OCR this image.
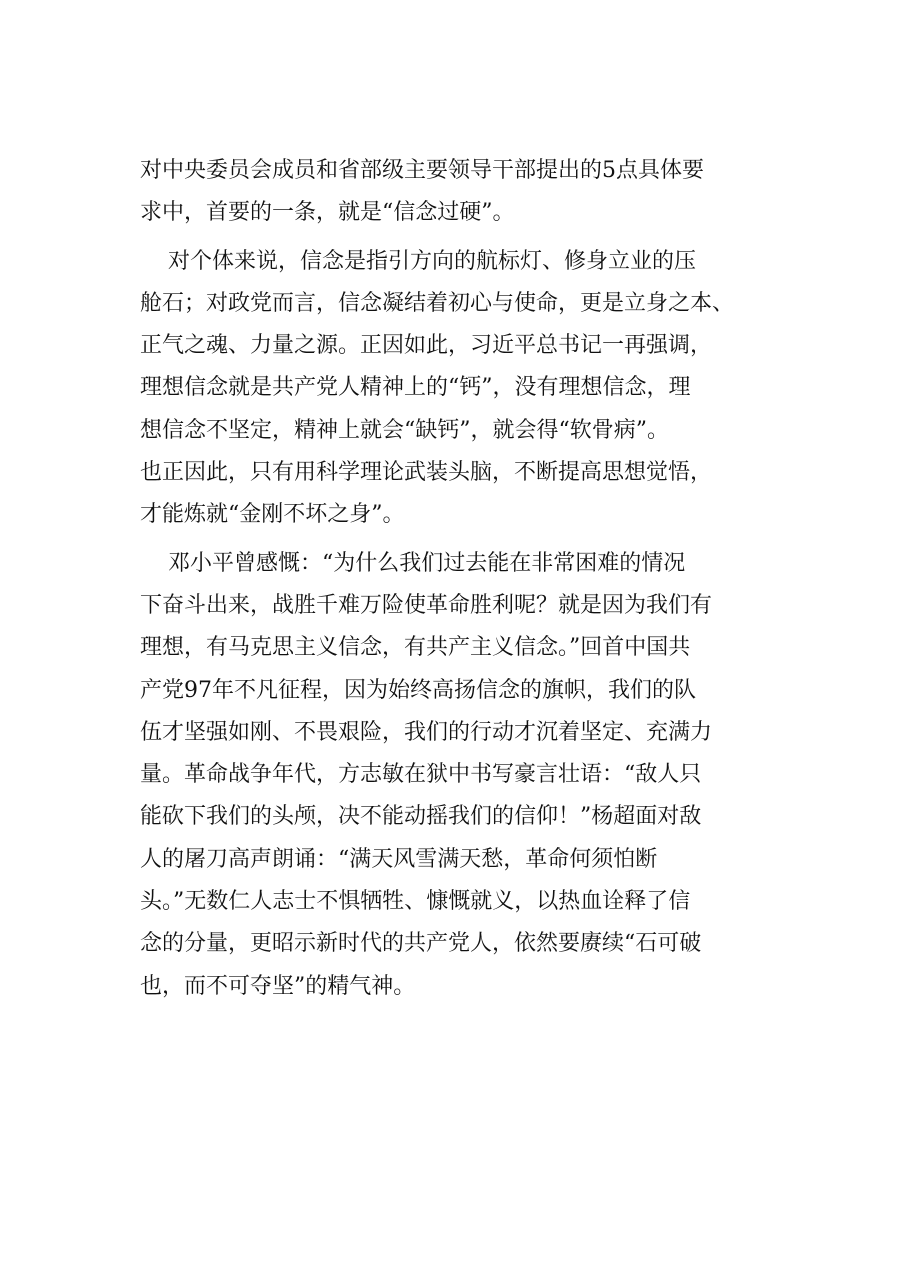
对中央委员会成员和省部级主要领导干部提出的5点具体要
求中，首要的一条，就是“信念过硬”。
对个体来说，信念是指引方向的航标灯、修身立业的压
舱石；对政党而言，信念凝结着初心与使命，更是立身之本、
正气之魂、力量之源。正因如此，习近平总书记一再强调，
理想信念就是共产党人精神上的“钙”，没有理想信念，理
想信念不坚定，精神上就会“缺钙”，就会得“软骨病”。
也正因此，只有用科学理论武装头脑，不断提高思想觉悟，
才能炼就“金刚不坏之身”。
邓小平曾感慨：“为什么我们过去能在非常困难的情况
下奋斗出来，战胜千难万险使革命胜利呢？就是因为我们有
理想，有马克思主义信念，有共产主义信念。”回首中国共
产党97年不凡征程，因为始终高扬信念的旗帜，我们的队
伍才坚强如刚、不畏艰险，我们的行动才沉着坚定、充满力
量。革命战争年代，方志敏在狱中书写豪言壮语：“敌人只
能砍下我们的头颅，决不能动摇我们的信仰！”杨超面对敌
人的屠刀高声朗诵：“满天风雪满天愁，革命何须怕断
头。”无数仁人志士不惧牺牲、慷慨就义，以热血诠释了信
念的分量，更昭示新时代的共产党人，依然要赓续“石可破
也，而不可夺坚”的精气神。
